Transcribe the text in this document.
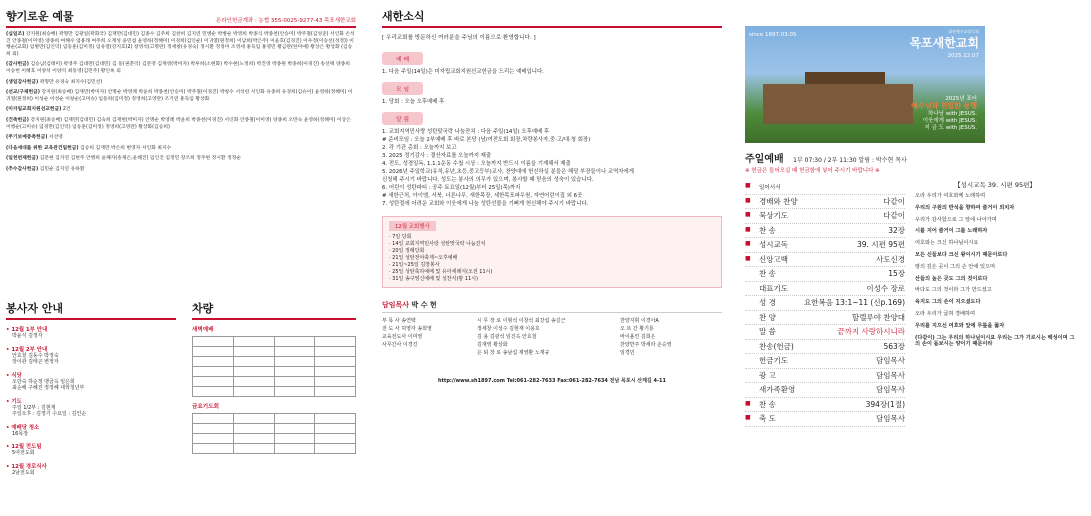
향기로운 예물	온라인헌금계좌 : 농협 355-0025-9277-43 목포새한교회
(십일조) 강지원(최승배) 곽형만 김광일(곽화국) 김재만(김대민) 김종수 김주희 김찬희 김지연 민병순 박병순 박영희 박종식 박종천(안승미) 박주철(김성준) 서인화 손석진 안종철(이미영) 양종희 여해수 엄용래 여주희 오계성 윤민섭 윤영하(정혜미) 이경희(김인순) 이귀열(원정희) 이남희(박은주) 이윤호(김경진) 이우정(이승선(성정)) 이행순(교회) 임병만(김인덕) 임동훈(김미정) 임유열(강지호(2) 장영석(고명란) 정세창(유경숙) 정시환 정정미 조영세 홍득임 홍영민 황금란(한미애) 황상은 황상화 (김승희 외)
(감사헌금) 김승남(김태미) 곽영주 김대만(김대민) 김 동(권춘덕) 김문영 김재영(박미자) 박루희(소현화) 박수현(노정희) 박진영 박종원 박종희(이경진) 송선택 양종희 이승헌 이해호 이양석 이양석 최동영(김민주) 황인옥 외
(생일감사헌금) 곽형만 유경숙 최지수(김민선)
(선교/구제헌금) 강지원(최승배) 김재만(박미자) 안명순 박영례 박윤희 박종천(안승미) 박주철(이경진) 박창수 서석한 서인화 유종희 유경희(김슈이) 윤영하(정혜미) 이귀열(원정희) 이성순 이성순 이창순(고미슈) 임동희(김미정) 정영희(고영란) 조기연 홍득임 황상화
(미자립교회지원선교헌금) 2건
(건축헌금) 강지원(최승배) 김재만(김대민) 김숙희 김재헌(박미자) 안명순 박영례 박윤희 박종천(이경진) 서인화 안종철(이미영) 양종희 오만숙 윤영하(정혜미) 이상은 이행순(고미슈) 임경만(김인덕) 임동훈(김미정) 정영희(고영란) 황상화(김승희)
(주기보예증축헌금) 서선영
(다음세대를 위한 교육관건립헌금) 김승희 김재만 박은희 변영자 서인화 최지수
(일천번제헌금) 김문현 김지연 김현주 안병희 윤해자(송제은,윤해진) 임인진 임정민 장조희 정주현 정시환 정정순
(추수감사헌금) 김민순 김지연 유하환
봉사자 안내
• 12월 1부 안내
박윤식 김정자
• 12월 2부 안내
안효철 김동수 박정숙
장이관 김태곤 변정자
• 식당
오만숙 하순정 맹금옥 임은희
최순해 구혜진 정정혜 대학청년부
• 기도
주일 1/2부 : 김현재
주일오후 : 김정기 수요일 : 김인순
• 예배당 청소
16목장
• 12월 전도팀
5여전도회
• 12월 경로식사
2남전도회
차량
새벽예배

금요기도회

새한소식
[ 우리교회를 방문하신 여러분을 주님의 이름으로 환영합니다. ]
예 배
1. 다음 주일(14일)은 미자립교회지원선교헌금을 드리는 예배입니다.
모 임
1. 당회 : 오늘 오후예배 후
알 림
1. 교회지역민사랑 성탄맞국락 나눔잔치 : 다음 주일(14일) 오후예배 후
# 준비모임 : 오늘 2부예배 후 바로 본당 (남/여전도회 회장,차량봉사자,중·고/대·청 회장)
2. 각 기관 총회 : 오늘까지 보고
3. 2025 정기감사 : 결산자료를 오늘까지 제출
4. 전도, 성경일독, 1.1.1운동 수첩 시상 : 오늘까지 반드시 이름을 기재해서 제출
5. 2026년 주일학교(유치,유년,초등,중고등부)교사, 찬양대에 헌신하실 분들은 해당 부장들이나 교역자에게
신청해 주시기 바랍니다. 성도는 봉사의 의무가 있으며, 봉사할 때 믿음의 성숙이 있습니다.
6. 어린이 성탄파티 : 공주 토요일(12월)부터 25일(목)까지
# 새한근처, 아이엠, 서북, 너른나무, 새한목장, 세한목포파우원, 자연어린이집 외 6곳
7. 성탄절에 어려운 교회와 이웃에게 나눔 성탄선물을 기뻐게 헌신해야 주시기 바랍니다.
12월 교회행사
· 7일 당회
· 14일 교회지역민사랑 성탄맞국락 나눔잔치
· 20일 정례당회
· 21일 성탄전야축제~오후예배
· 21일~25일 김장봉사
· 25일 성탄축하예배 및 유아세례식(오전 11시)
· 31일 송구영신예배 및 성찬식(밤 11시)
담임목사 박 수 현
부 목 사 송연택
전 도 사 허영자 송희영
교육전도사 이미영
사무간사 이경진
시 무 장 로 이형석 이창석 최강섭 송길근
정세창 이성수 김현재 이용호
김 용 김광석 임진옥 안효철
김재영 황상화
은 퇴 장 로 송남섭 제영환 노재규
찬양지휘 이경아A
오 르 간 황기룡
바이올린 김희은
찬양반주 박세라 손승영
임경민
http://www.sh1897.com Tel:061-282-7633 Fax:061-282-7634 전남 목포시 산계길 4-11
since 1897.03.05
대한예수교장로회
목포새한교회
2025.12.07
2025년 표어
예수님과 친밀한 동행
하나님 with JESUS.
이웃에게 with JESUS.
지 금 도 with JESUS.
주일예배 1부 07:30 / 2부 11:30 알림 : 박수현 목사
※ 헌금은 들어오실 때 헌금함에 넣어 주시기 바랍니다 ※
■ 일어서서
■ 경배와 찬양	다같이
■ 묵상기도	다같이
■ 찬 송	32장
■ 성시교독	39. 시편 95편
■ 신앙고백	사도신경
찬 송	15장
대표기도	이성수 장로
성 경	요한복음 13:1~11 (신p.169)
찬 양	할렐루야 찬양대
말 씀	끝까지 사랑하시니라
찬송(헌금)	563장
헌금기도	담임목사
광 고	담임목사
새가족환영	담임목사
■ 찬 송	394장(1절)
■ 축 도	담임목사
【성시교독 39. 시편 95편】
오라 우리가 여호와께 노래하며
우리의 구원의 반석을 향하여 즐거이 외치자
우리가 감사함으로 그 앞에 나아가며
시를 지어 즐거이 그를 노래하자
여호와는 크신 하나님이시요
모든 신들보다 크신 왕이시기 때문이로다
땅의 깊은 곳이 그의 손 안에 있으며
산들의 높은 곳도 그의 것이로다
바다도 그의 것이라 그가 만드셨고
육지도 그의 손이 지으셨도다
오라 우리가 굽혀 경배하며
우리를 지으신 여호와 앞에 무릎을 꿇자
(다같이) 그는 우리의 하나님이시요 우리는 그가 기르시는 백성이며 그의 손이 돌보시는 양이기 때문이라
